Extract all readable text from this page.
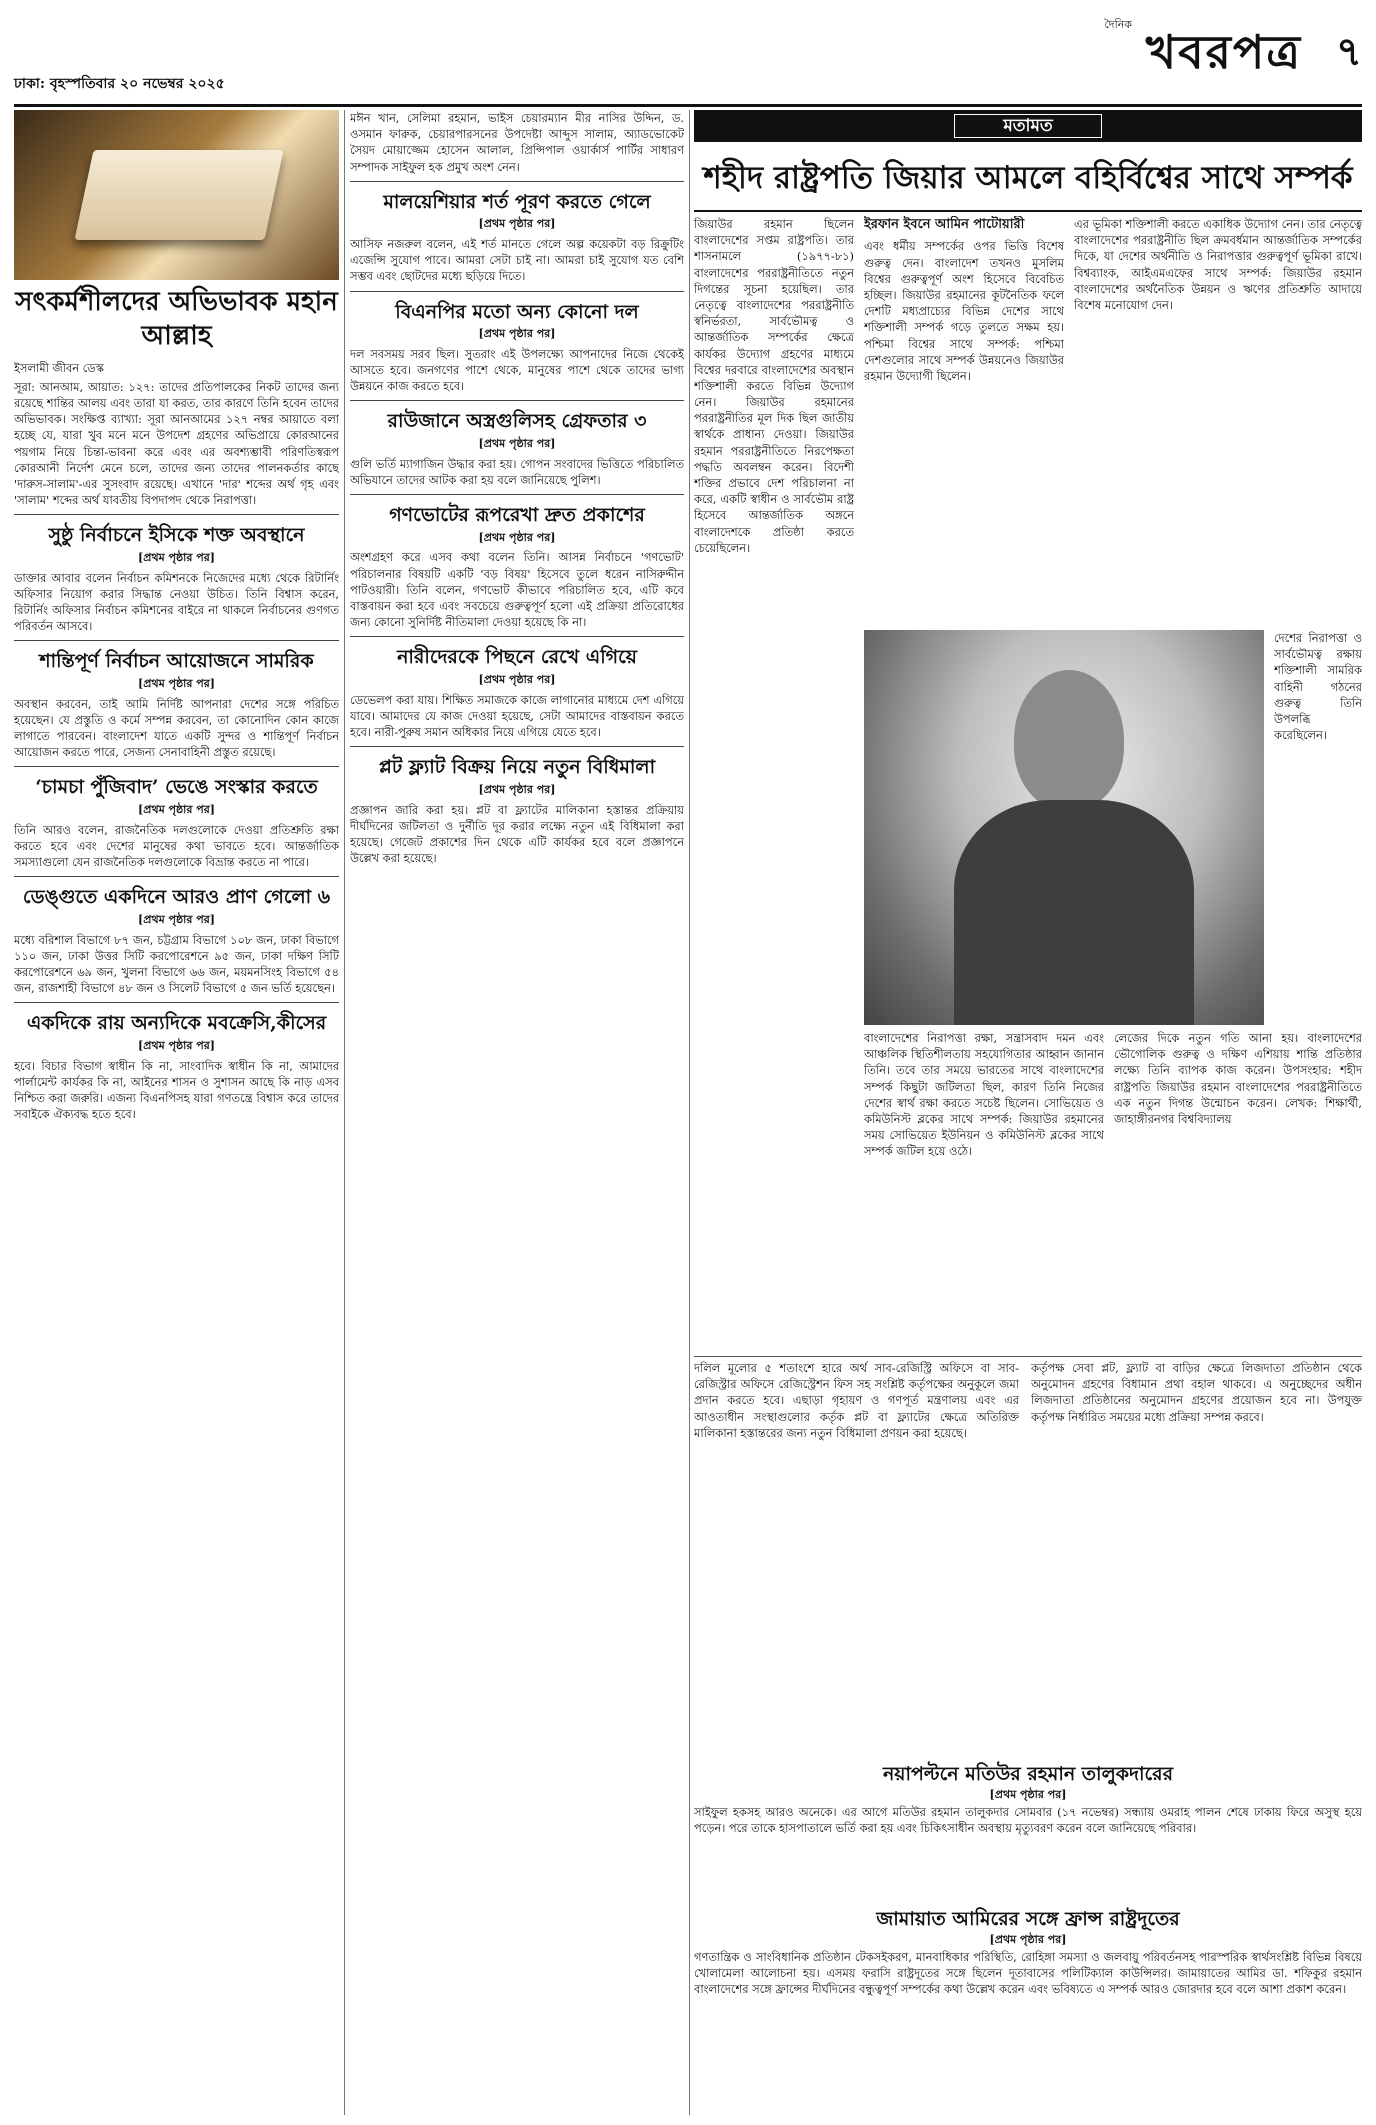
ঢাকা: বৃহস্পতিবার ২০ নভেম্বর ২০২৫
দৈনিক
খবরপত্র ৭
সৎকর্মশীলদের অভিভাবক মহান আল্লাহ

ইসলামী জীবন ডেস্ক

সূরা: আনআম, আয়াত: ১২৭: তাদের প্রতিপালকের নিকট তাদের জন্য রয়েছে শান্তির আলয় এবং তারা যা করত, তার কারণে তিনি হবেন তাদের অভিভাবক। সংক্ষিপ্ত ব্যাখ্যা: সূরা আনআমের ১২৭ নম্বর আয়াতে বলা হচ্ছে যে, যারা খুব মনে মনে উপদেশ গ্রহণের অভিপ্রায়ে কোরআনের পয়গাম নিয়ে চিন্তা-ভাবনা করে এবং এর অবশ্যম্ভাবী পরিণতিস্বরূপ কোরআনী নির্দেশ মেনে চলে, তাদের জন্য তাদের পালনকর্তার কাছে 'দারুস-সালাম'-এর সুসংবাদ রয়েছে। এখানে 'দার' শব্দের অর্থ গৃহ এবং 'সালাম' শব্দের অর্থ যাবতীয় বিপদাপদ থেকে নিরাপত্তা।

সুষ্ঠু নির্বাচনে ইসিকে শক্ত অবস্থানে
[প্রথম পৃষ্ঠার পর]

ডাক্তার আবার বলেন নির্বাচন কমিশনকে নিজেদের মধ্যে থেকে রিটার্নিং অফিসার নিয়োগ করার সিদ্ধান্ত নেওয়া উচিত। তিনি বিশ্বাস করেন, রিটার্নিং অফিসার নির্বাচন কমিশনের বাইরে না থাকলে নির্বাচনের গুণগত পরিবর্তন আসবে।

শান্তিপূর্ণ নির্বাচন আয়োজনে সামরিক
[প্রথম পৃষ্ঠার পর]

অবস্থান করবেন, তাই আমি নির্দিষ্ট আপনারা দেশের সঙ্গে পরিচিত হয়েছেন। যে প্রস্তুতি ও কর্মে সম্পন্ন করবেন, তা কোনোদিন কোন কাজে লাগাতে পারবেন। বাংলাদেশ যাতে একটি সুন্দর ও শান্তিপূর্ণ নির্বাচন আয়োজন করতে পারে, সেজন্য সেনাবাহিনী প্রস্তুত রয়েছে।

‘চামচা পুঁজিবাদ’ ভেঙে সংস্কার করতে
[প্রথম পৃষ্ঠার পর]

তিনি আরও বলেন, রাজনৈতিক দলগুলোকে দেওয়া প্রতিশ্রুতি রক্ষা করতে হবে এবং দেশের মানুষের কথা ভাবতে হবে। আন্তর্জাতিক সমস্যাগুলো যেন রাজনৈতিক দলগুলোকে বিভ্রান্ত করতে না পারে।

ডেঙ্গুতে একদিনে আরও প্রাণ গেলো ৬
[প্রথম পৃষ্ঠার পর]

মধ্যে বরিশাল বিভাগে ৮৭ জন, চট্টগ্রাম বিভাগে ১০৮ জন, ঢাকা বিভাগে ১১০ জন, ঢাকা উত্তর সিটি করপোরেশনে ৯৫ জন, ঢাকা দক্ষিণ সিটি করপোরেশনে ৬৯ জন, খুলনা বিভাগে ৬৬ জন, ময়মনসিংহ বিভাগে ৫৪ জন, রাজশাহী বিভাগে ৪৮ জন ও সিলেট বিভাগে ৫ জন ভর্তি হয়েছেন।

একদিকে রায় অন্যদিকে মবক্রেসি,কীসের
[প্রথম পৃষ্ঠার পর]

হবে। বিচার বিভাগ স্বাধীন কি না, সাংবাদিক স্বাধীন কি না, আমাদের পার্লামেন্ট কার্যকর কি না, আইনের শাসন ও সুশাসন আছে কি নাড় এসব নিশ্চিত করা জরুরি। এজন্য বিএনপিসহ যারা গণতন্ত্রে বিশ্বাস করে তাদের সবাইকে ঐক্যবদ্ধ হতে হবে।

মঈন খান, সেলিমা রহমান, ভাইস চেয়ারম্যান মীর নাসির উদ্দিন, ড. ওসমান ফারুক, চেয়ারপারসনের উপদেষ্টা আব্দুস সালাম, অ্যাডভোকেট সৈয়দ মোয়াজ্জেম হোসেন আলাল, প্রিন্সিপাল ওয়ার্কার্স পার্টির সাধারণ সম্পাদক সাইফুল হক প্রমুখ অংশ নেন।

মালয়েশিয়ার শর্ত পূরণ করতে গেলে
[প্রথম পৃষ্ঠার পর]

আসিফ নজরুল বলেন, এই শর্ত মানতে গেলে অল্প কয়েকটা বড় রিক্রুটিং এজেন্সি সুযোগ পাবে। আমরা সেটা চাই না। আমরা চাই সুযোগ যত বেশি সম্ভব এবং ছোটদের মধ্যে ছড়িয়ে দিতে।

বিএনপির মতো অন্য কোনো দল
[প্রথম পৃষ্ঠার পর]

দল সবসময় সরব ছিল। সুতরাং এই উপলক্ষ্যে আপনাদের নিজে থেকেই আসতে হবে। জনগণের পাশে থেকে, মানুষের পাশে থেকে তাদের ভাগ্য উন্নয়নে কাজ করতে হবে।

রাউজানে অস্ত্রগুলিসহ গ্রেফতার ৩
[প্রথম পৃষ্ঠার পর]

গুলি ভর্তি ম্যাগাজিন উদ্ধার করা হয়। গোপন সংবাদের ভিত্তিতে পরিচালিত অভিযানে তাদের আটক করা হয় বলে জানিয়েছে পুলিশ।

গণভোটের রূপরেখা দ্রুত প্রকাশের
[প্রথম পৃষ্ঠার পর]

অংশগ্রহণ করে এসব কথা বলেন তিনি। আসন্ন নির্বাচনে 'গণভোট' পরিচালনার বিষয়টি একটি 'বড় বিষয়' হিসেবে তুলে ধরেন নাসিরুদ্দীন পাটওয়ারী। তিনি বলেন, গণভোট কীভাবে পরিচালিত হবে, এটি কবে বাস্তবায়ন করা হবে এবং সবচেয়ে গুরুত্বপূর্ণ হলো এই প্রক্রিয়া প্রতিরোধের জন্য কোনো সুনির্দিষ্ট নীতিমালা দেওয়া হয়েছে কি না।

নারীদেরকে পিছনে রেখে এগিয়ে
[প্রথম পৃষ্ঠার পর]

ডেভেলপ করা যায়। শিক্ষিত সমাজকে কাজে লাগানোর মাধ্যমে দেশ এগিয়ে যাবে। আমাদের যে কাজ দেওয়া হয়েছে, সেটা আমাদের বাস্তবায়ন করতে হবে। নারী-পুরুষ সমান অধিকার নিয়ে এগিয়ে যেতে হবে।

প্লট ফ্ল্যাট বিক্রয় নিয়ে নতুন বিধিমালা
[প্রথম পৃষ্ঠার পর]

প্রজ্ঞাপন জারি করা হয়। প্লট বা ফ্ল্যাটের মালিকানা হস্তান্তর প্রক্রিয়ায় দীর্ঘদিনের জটিলতা ও দুর্নীতি দূর করার লক্ষ্যে নতুন এই বিধিমালা করা হয়েছে। গেজেট প্রকাশের দিন থেকে এটি কার্যকর হবে বলে প্রজ্ঞাপনে উল্লেখ করা হয়েছে।

মতামত
শহীদ রাষ্ট্রপতি জিয়ার আমলে বহির্বিশ্বের সাথে সম্পর্ক
জিয়াউর রহমান ছিলেন বাংলাদেশের সপ্তম রাষ্ট্রপতি। তার শাসনামলে (১৯৭৭-৮১) বাংলাদেশের পররাষ্ট্রনীতিতে নতুন দিগন্তের সূচনা হয়েছিল। তার নেতৃত্বে বাংলাদেশের পররাষ্ট্রনীতি স্বনির্ভরতা, সার্বভৌমত্ব ও আন্তর্জাতিক সম্পর্কের ক্ষেত্রে কার্যকর উদ্যোগ গ্রহণের মাধ্যমে বিশ্বের দরবারে বাংলাদেশের অবস্থান শক্তিশালী করতে বিভিন্ন উদ্যোগ নেন। জিয়াউর রহমানের পররাষ্ট্রনীতির মূল দিক ছিল জাতীয় স্বার্থকে প্রাধান্য দেওয়া। জিয়াউর রহমান পররাষ্ট্রনীতিতে নিরপেক্ষতা পদ্ধতি অবলম্বন করেন। বিদেশী শক্তির প্রভাবে দেশ পরিচালনা না করে, একটি স্বাধীন ও সার্বভৌম রাষ্ট্র হিসেবে আন্তর্জাতিক অঙ্গনে বাংলাদেশকে প্রতিষ্ঠা করতে চেয়েছিলেন।
ইরফান ইবনে আমিন পাটোয়ারী
এবং ধর্মীয় সম্পর্কের ওপর ভিত্তি বিশেষ গুরুত্ব দেন। বাংলাদেশ তখনও মুসলিম বিশ্বের গুরুত্বপূর্ণ অংশ হিসেবে বিবেচিত হচ্ছিল। জিয়াউর রহমানের কূটনৈতিক ফলে দেশটি মধ্যপ্রাচ্যের বিভিন্ন দেশের সাথে শক্তিশালী সম্পর্ক গড়ে তুলতে সক্ষম হয়। পশ্চিমা বিশ্বের সাথে সম্পর্ক: পশ্চিমা দেশগুলোর সাথে সম্পর্ক উন্নয়নেও জিয়াউর রহমান উদ্যোগী ছিলেন।
এর ভূমিকা শক্তিশালী করতে একাধিক উদ্যোগ নেন। তার নেতৃত্বে বাংলাদেশের পররাষ্ট্রনীতি ছিল ক্রমবর্ধমান আন্তর্জাতিক সম্পর্কের দিকে, যা দেশের অর্থনীতি ও নিরাপত্তার গুরুত্বপূর্ণ ভূমিকা রাখে। বিশ্বব্যাংক, আইএমএফের সাথে সম্পর্ক: জিয়াউর রহমান বাংলাদেশের অর্থনৈতিক উন্নয়ন ও ঋণের প্রতিশ্রুতি আদায়ে বিশেষ মনোযোগ দেন।
দেশের নিরাপত্তা ও সার্বভৌমত্ব রক্ষায় শক্তিশালী সামরিক বাহিনী গঠনের গুরুত্ব তিনি উপলব্ধি করেছিলেন।
বাংলাদেশের নিরাপত্তা রক্ষা, সন্ত্রাসবাদ দমন এবং আঞ্চলিক স্থিতিশীলতায় সহযোগিতার আহ্বান জানান তিনি। তবে তার সময়ে ভারতের সাথে বাংলাদেশের সম্পর্ক কিছুটা জটিলতা ছিল, কারণ তিনি নিজের দেশের স্বার্থ রক্ষা করতে সচেষ্ট ছিলেন। সোভিয়েত ও কমিউনিস্ট ব্লকের সাথে সম্পর্ক: জিয়াউর রহমানের সময় সোভিয়েত ইউনিয়ন ও কমিউনিস্ট ব্লকের সাথে সম্পর্ক জটিল হয়ে ওঠে।
লেজের দিকে নতুন গতি আনা হয়। বাংলাদেশের ভৌগোলিক গুরুত্ব ও দক্ষিণ এশিয়ায় শান্তি প্রতিষ্ঠার লক্ষ্যে তিনি ব্যাপক কাজ করেন। উপসংহার: শহীদ রাষ্ট্রপতি জিয়াউর রহমান বাংলাদেশের পররাষ্ট্রনীতিতে এক নতুন দিগন্ত উন্মোচন করেন। লেখক: শিক্ষার্থী, জাহাঙ্গীরনগর বিশ্ববিদ্যালয়
দলিল মূলোর ৫ শতাংশে হারে অর্থ সাব-রেজিস্ট্রি অফিসে বা সাব-রেজিস্ট্রার অফিসে রেজিস্ট্রেশন ফিস সহ সংশ্লিষ্ট কর্তৃপক্ষের অনুকূলে জমা প্রদান করতে হবে। এছাড়া গৃহায়ণ ও গণপূর্ত মন্ত্রণালয় এবং এর আওতাধীন সংস্থাগুলোর কর্তৃক প্লট বা ফ্ল্যাটের ক্ষেত্রে অতিরিক্ত মালিকানা হস্তান্তরের জন্য নতুন বিধিমালা প্রণয়ন করা হয়েছে।
কর্তৃপক্ষ সেবা প্লট, ফ্ল্যাট বা বাড়ির ক্ষেত্রে লিজদাতা প্রতিষ্ঠান থেকে অনুমোদন গ্রহণের বিধামান প্রথা বহাল থাকবে। এ অনুচ্ছেদের অধীন লিজদাতা প্রতিষ্ঠানের অনুমোদন গ্রহণের প্রয়োজন হবে না। উপযুক্ত কর্তৃপক্ষ নির্ধারিত সময়ের মধ্যে প্রক্রিয়া সম্পন্ন করবে।
নয়াপল্টনে মতিউর রহমান তালুকদারের
[প্রথম পৃষ্ঠার পর]
সাইফুল হকসহ আরও অনেকে। এর আগে মতিউর রহমান তালুকদার সোমবার (১৭ নভেম্বর) সন্ধ্যায় ওমরাহ পালন শেষে ঢাকায় ফিরে অসুস্থ হয়ে পড়েন। পরে তাকে হাসপাতালে ভর্তি করা হয় এবং চিকিৎসাধীন অবস্থায় মৃত্যুবরণ করেন বলে জানিয়েছে পরিবার।
জামায়াত আমিরের সঙ্গে ফ্রান্স রাষ্ট্রদূতের
[প্রথম পৃষ্ঠার পর]
গণতান্ত্রিক ও সাংবিধানিক প্রতিষ্ঠান টেকসইকরণ, মানবাধিকার পরিস্থিতি, রোহিঙ্গা সমস্যা ও জলবায়ু পরিবর্তনসহ পারস্পরিক স্বার্থসংশ্লিষ্ট বিভিন্ন বিষয়ে খোলামেলা আলোচনা হয়। এসময় ফরাসি রাষ্ট্রদূতের সঙ্গে ছিলেন দূতাবাসের পলিটিক্যাল কাউন্সিলর। জামায়াতের আমির ডা. শফিকুর রহমান বাংলাদেশের সঙ্গে ফ্রান্সের দীর্ঘদিনের বন্ধুত্বপূর্ণ সম্পর্কের কথা উল্লেখ করেন এবং ভবিষ্যতে এ সম্পর্ক আরও জোরদার হবে বলে আশা প্রকাশ করেন।
